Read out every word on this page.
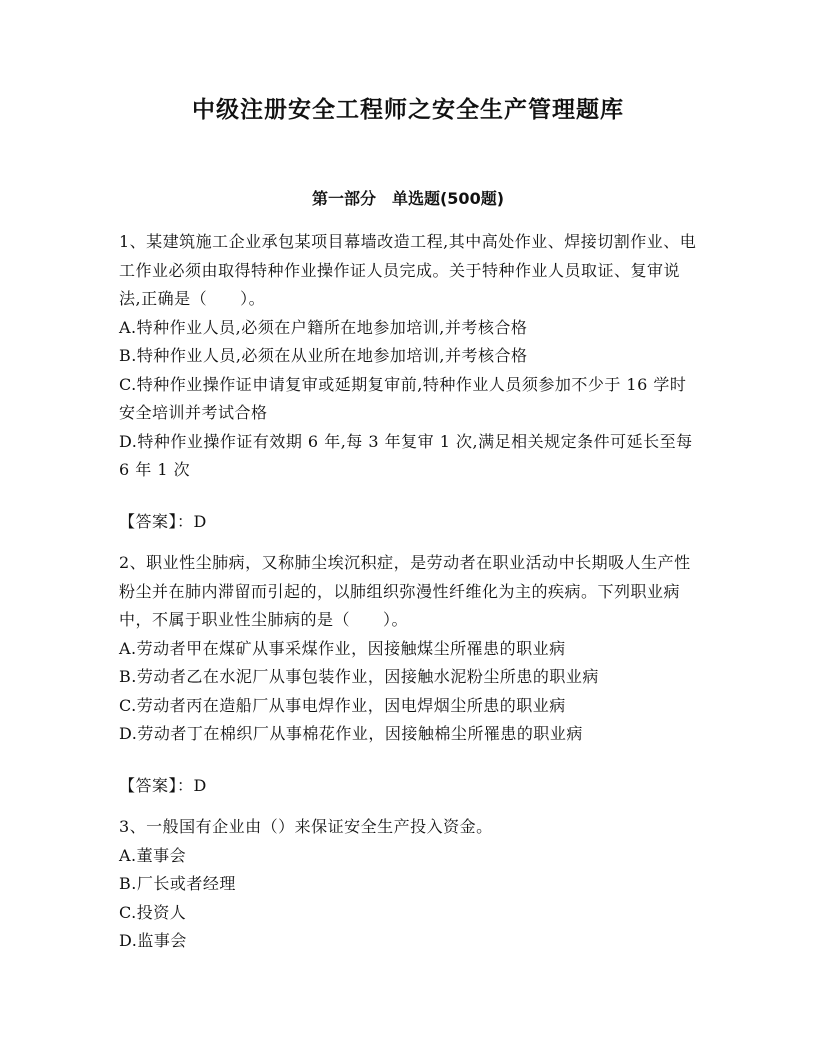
中级注册安全工程师之安全生产管理题库
第一部分　单选题(500题)

1、某建筑施工企业承包某项目幕墙改造工程,其中高处作业、焊接切割作业、电工作业必须由取得特种作业操作证人员完成。关于特种作业人员取证、复审说法,正确是（　　）。

A.特种作业人员,必须在户籍所在地参加培训,并考核合格
B.特种作业人员,必须在从业所在地参加培训,并考核合格
C.特种作业操作证申请复审或延期复审前,特种作业人员须参加不少于 16 学时安全培训并考试合格
D.特种作业操作证有效期 6 年,每 3 年复审 1 次,满足相关规定条件可延长至每 6 年 1 次
【答案】：D

2、职业性尘肺病，又称肺尘埃沉积症，是劳动者在职业活动中长期吸人生产性粉尘并在肺内滞留而引起的，以肺组织弥漫性纤维化为主的疾病。下列职业病中，不属于职业性尘肺病的是（　　）。

A.劳动者甲在煤矿从事采煤作业，因接触煤尘所罹患的职业病
B.劳动者乙在水泥厂从事包装作业，因接触水泥粉尘所患的职业病
C.劳动者丙在造船厂从事电焊作业，因电焊烟尘所患的职业病
D.劳动者丁在棉织厂从事棉花作业，因接触棉尘所罹患的职业病
【答案】：D

3、一般国有企业由（）来保证安全生产投入资金。

A.董事会
B.厂长或者经理
C.投资人
D.监事会
